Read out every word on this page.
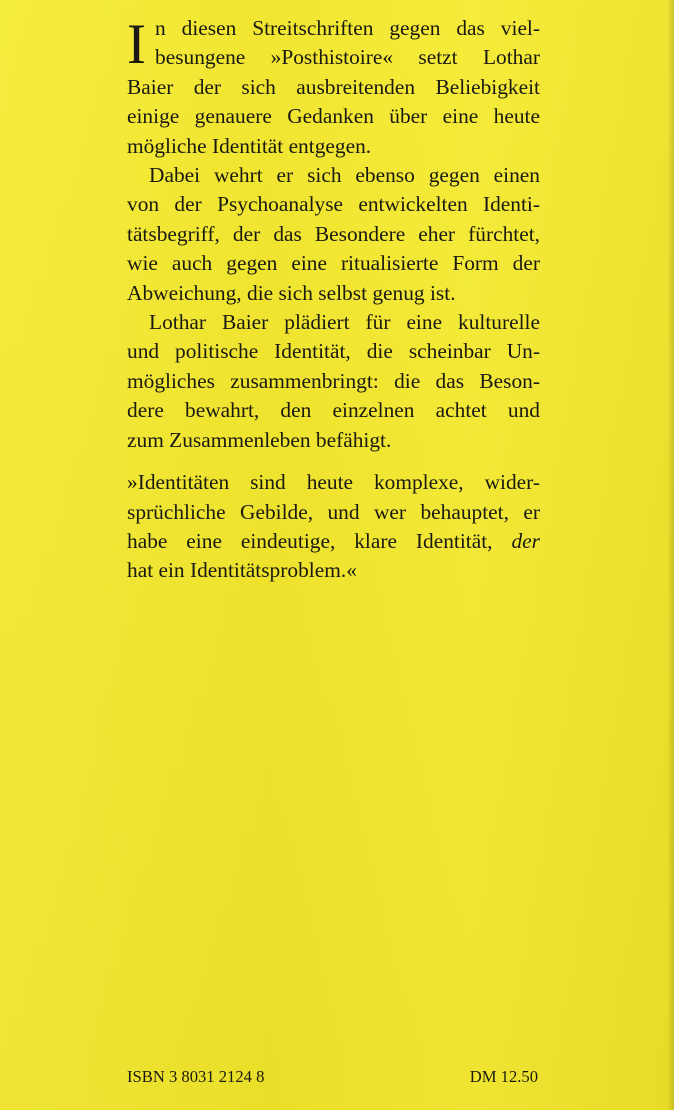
I n diesen Streitschriften gegen das viel-
besungene »Posthistoire« setzt Lothar
Baier der sich ausbreitenden Beliebigkeit
einige genauere Gedanken über eine heute
mögliche Identität entgegen.
Dabei wehrt er sich ebenso gegen einen
von der Psychoanalyse entwickelten Identi-
tätsbegriff, der das Besondere eher fürchtet,
wie auch gegen eine ritualisierte Form der
Abweichung, die sich selbst genug ist.
Lothar Baier plädiert für eine kulturelle
und politische Identität, die scheinbar Un-
mögliches zusammenbringt: die das Beson-
dere bewahrt, den einzelnen achtet und
zum Zusammenleben befähigt.
»Identitäten sind heute komplexe, wider-
sprüchliche Gebilde, und wer behauptet, er
habe eine eindeutige, klare Identität, der
hat ein Identitätsproblem.«
ISBN 3 8031 2124 8	DM 12.50
